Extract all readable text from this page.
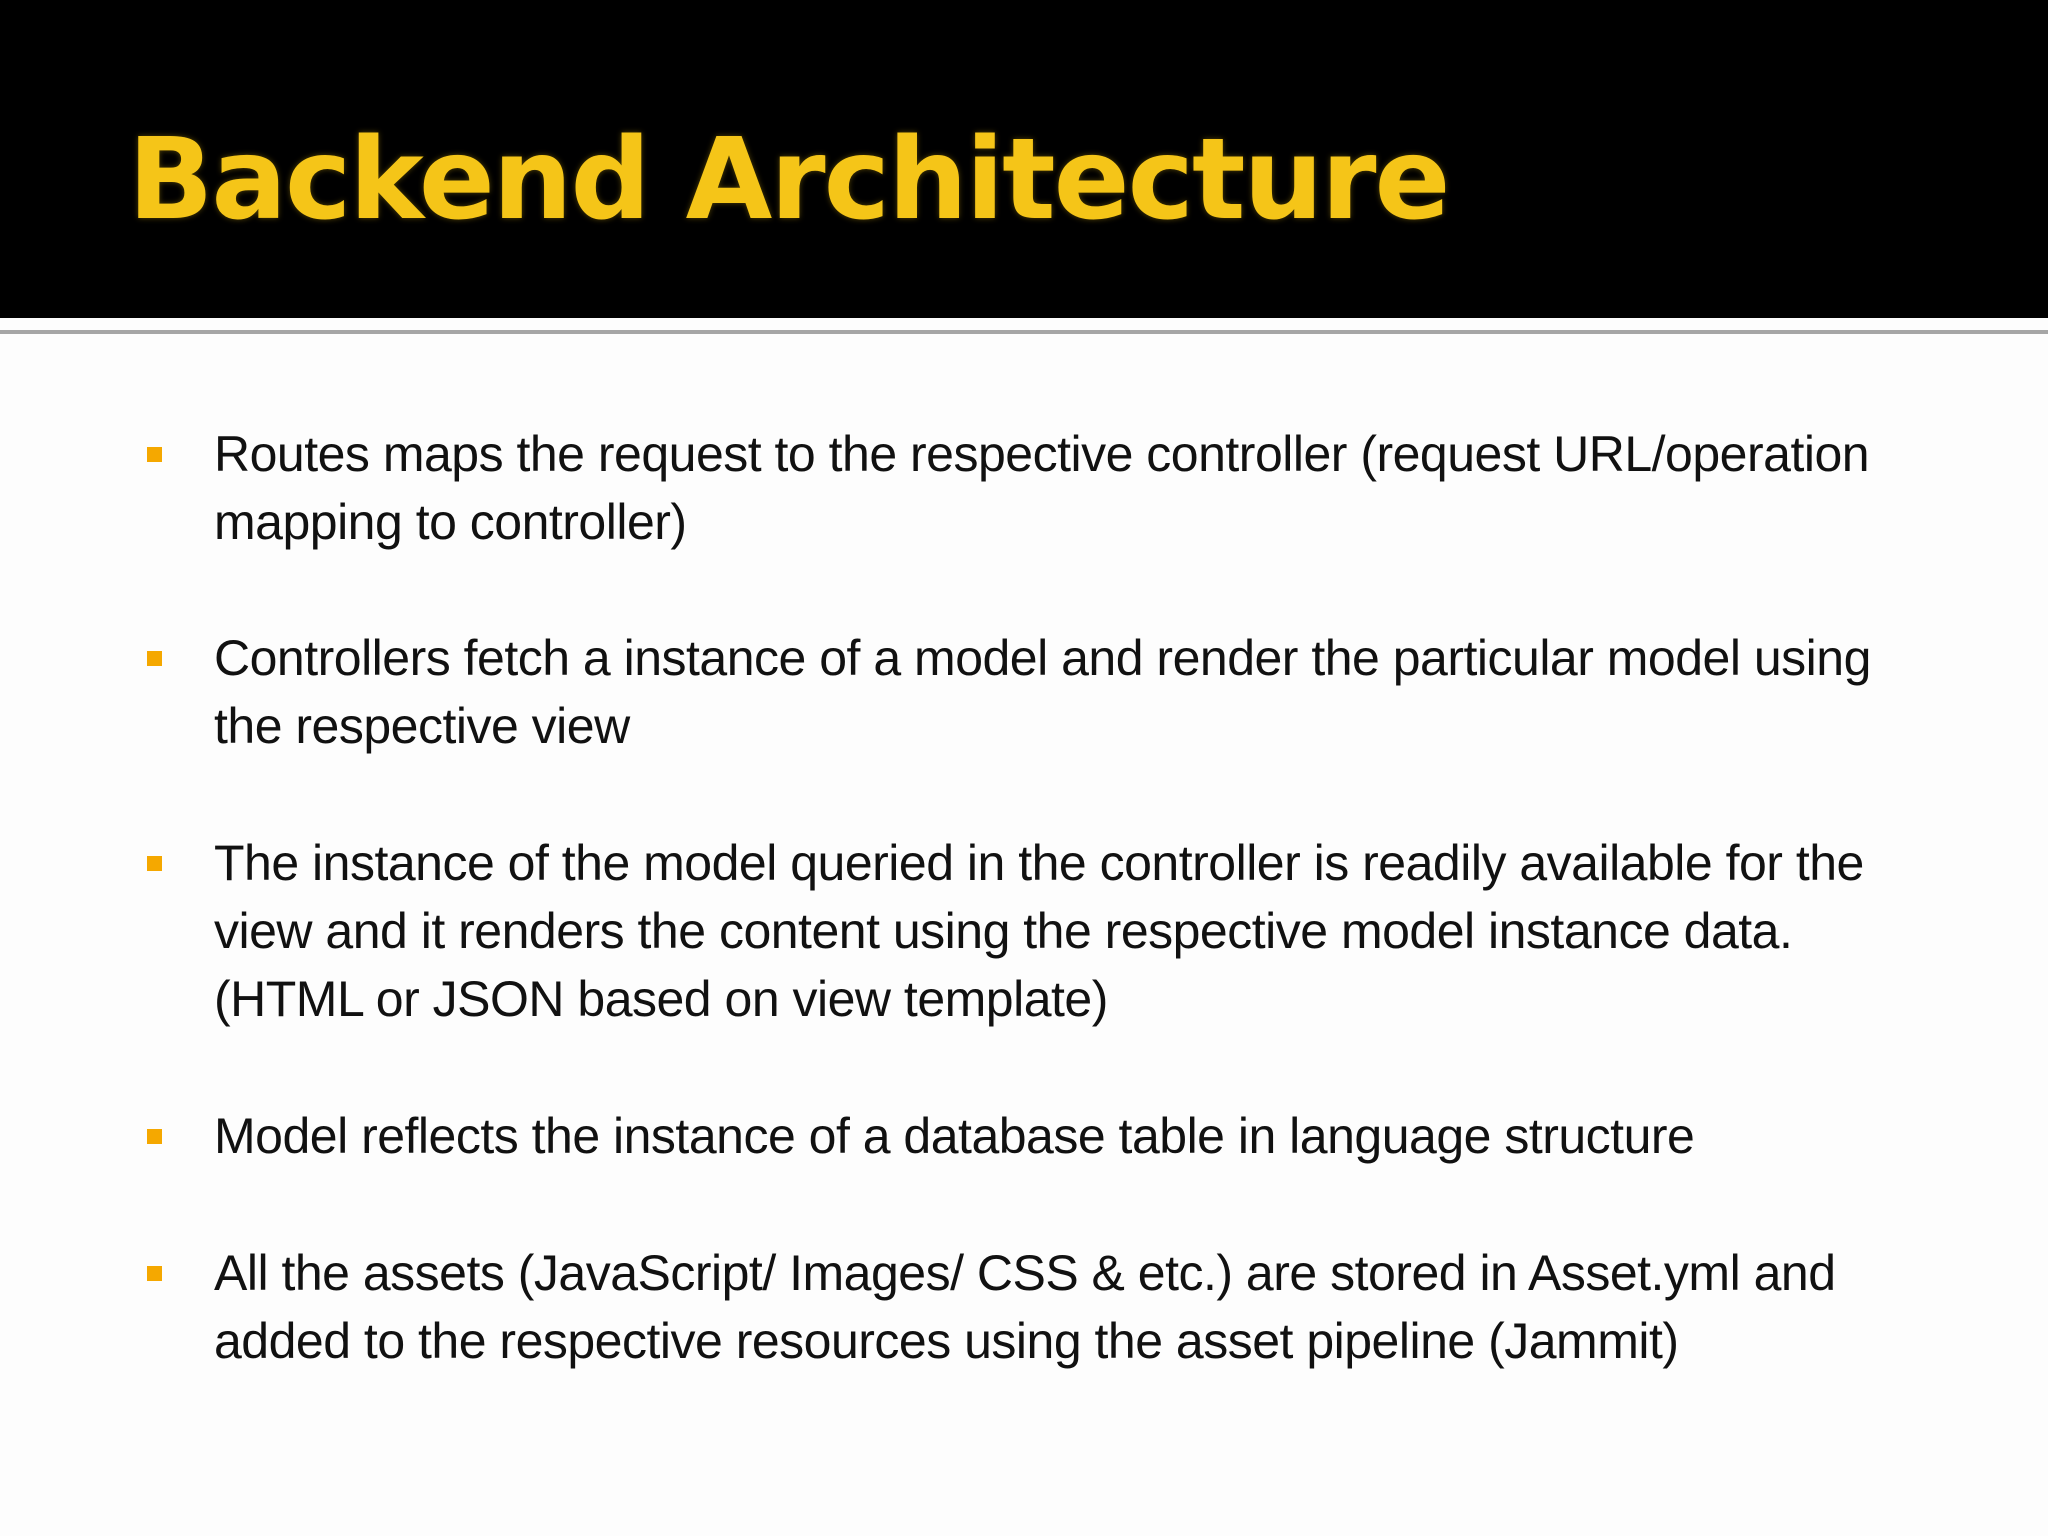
Backend Architecture
Routes maps the request to the respective controller (request URL/operation mapping to controller)
Controllers fetch a instance of a model and render the particular model using the respective view
The instance of the model queried in the controller is readily available for the view and it renders the content using the respective model instance data. (HTML or JSON based on view template)
Model reflects the instance of a database table in language structure
All the assets (JavaScript/ Images/ CSS & etc.) are stored in Asset.yml and added to the respective resources using the asset pipeline (Jammit)
